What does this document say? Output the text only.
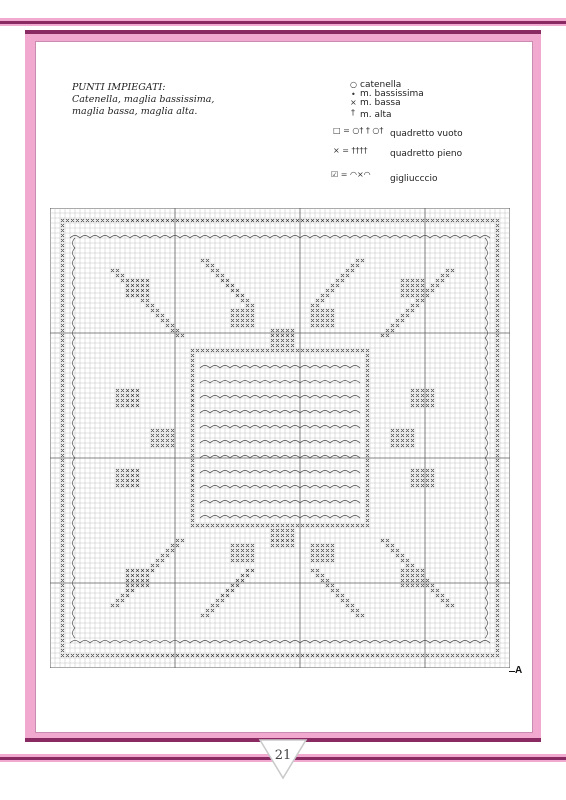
PUNTI IMPIEGATI:
Catenella, maglia bassissima,
maglia bassa, maglia alta.
○
•
×
†
□ = ○† † ○†
× = ††††
☑ = ◠×◠
catenella
m. bassissima
m. bassa
m. alta
quadretto vuoto
quadretto pieno
gigliucccio
A
21
